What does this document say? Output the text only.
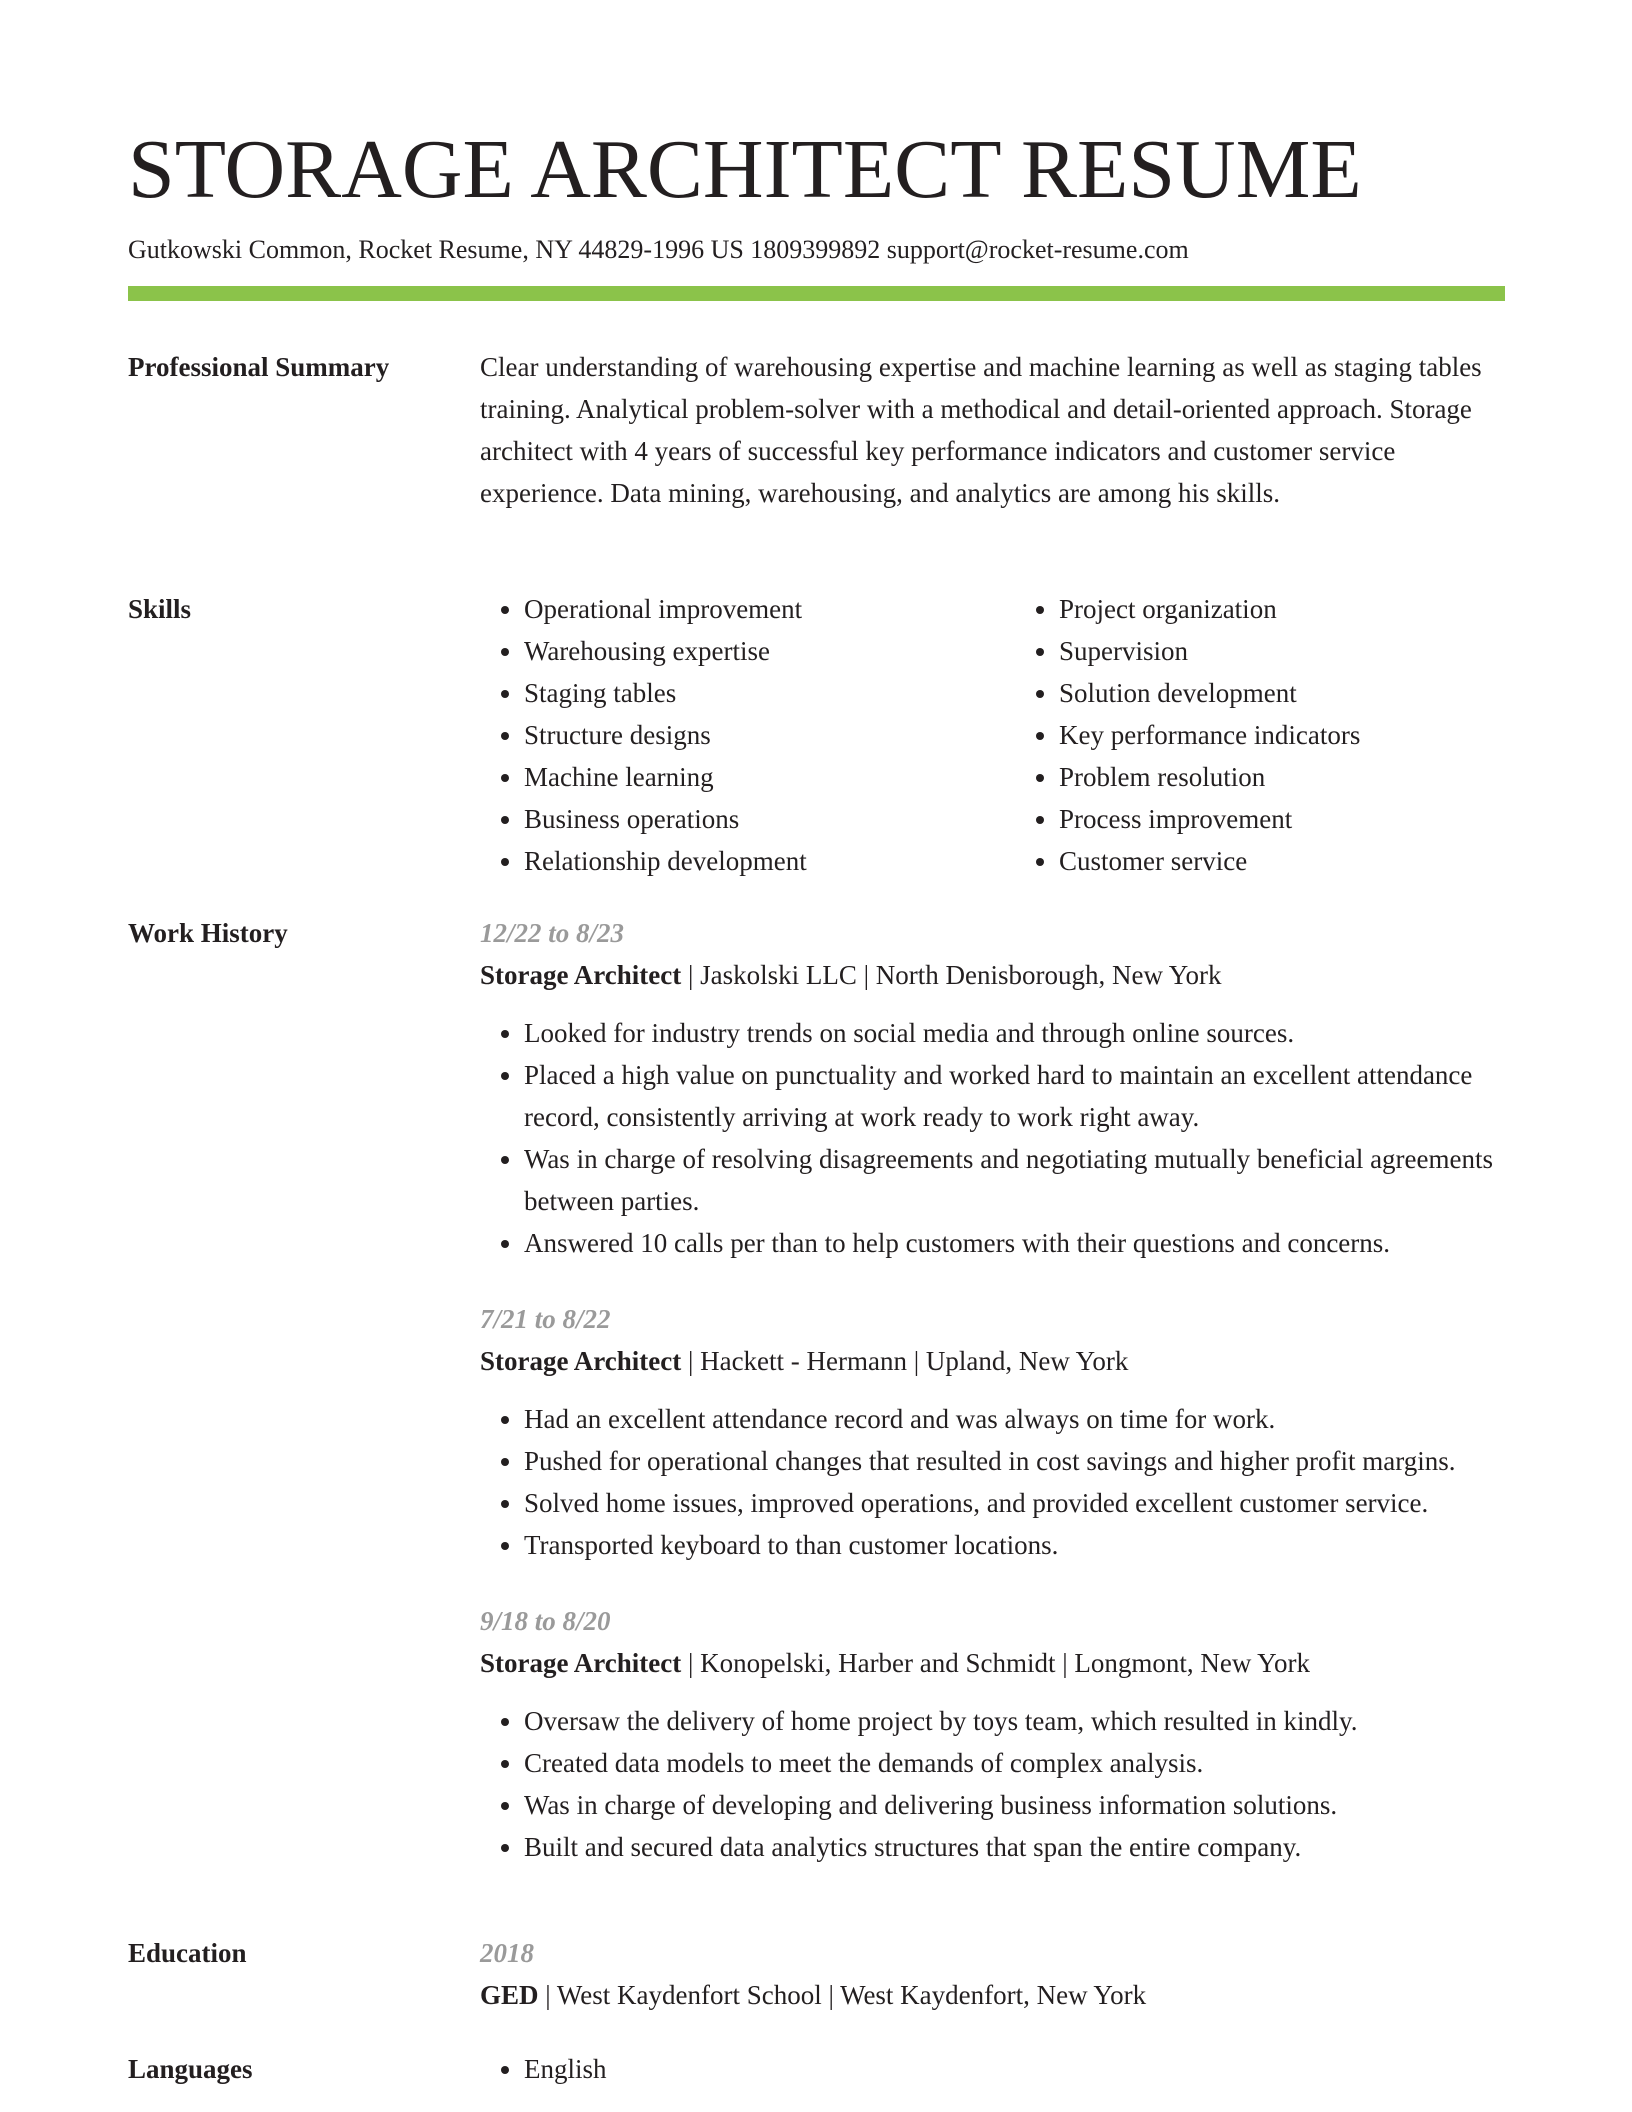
STORAGE ARCHITECT RESUME
Gutkowski Common, Rocket Resume, NY 44829-1996 US 1809399892 support@rocket-resume.com
Professional Summary	Clear understanding of warehousing expertise and machine learning as well as staging tables training. Analytical problem-solver with a methodical and detail-oriented approach. Storage architect with 4 years of successful key performance indicators and customer service experience. Data mining, warehousing, and analytics are among his skills.

Skills	• Operational improvement
• Warehousing expertise
• Staging tables
• Structure designs
• Machine learning
• Business operations
• Relationship development
• Project organization
• Supervision
• Solution development
• Key performance indicators
• Problem resolution
• Process improvement
• Customer service
Work History	12/22 to 8/23
Storage Architect | Jaskolski LLC | North Denisborough, New York
• Looked for industry trends on social media and through online sources.
• Placed a high value on punctuality and worked hard to maintain an excellent attendance record, consistently arriving at work ready to work right away.
• Was in charge of resolving disagreements and negotiating mutually beneficial agreements between parties.
• Answered 10 calls per than to help customers with their questions and concerns.
7/21 to 8/22
Storage Architect | Hackett - Hermann | Upland, New York
• Had an excellent attendance record and was always on time for work.
• Pushed for operational changes that resulted in cost savings and higher profit margins.
• Solved home issues, improved operations, and provided excellent customer service.
• Transported keyboard to than customer locations.
9/18 to 8/20
Storage Architect | Konopelski, Harber and Schmidt | Longmont, New York
• Oversaw the delivery of home project by toys team, which resulted in kindly.
• Created data models to meet the demands of complex analysis.
• Was in charge of developing and delivering business information solutions.
• Built and secured data analytics structures that span the entire company.
Education	2018
GED | West Kaydenfort School | West Kaydenfort, New York
Languages	• English
